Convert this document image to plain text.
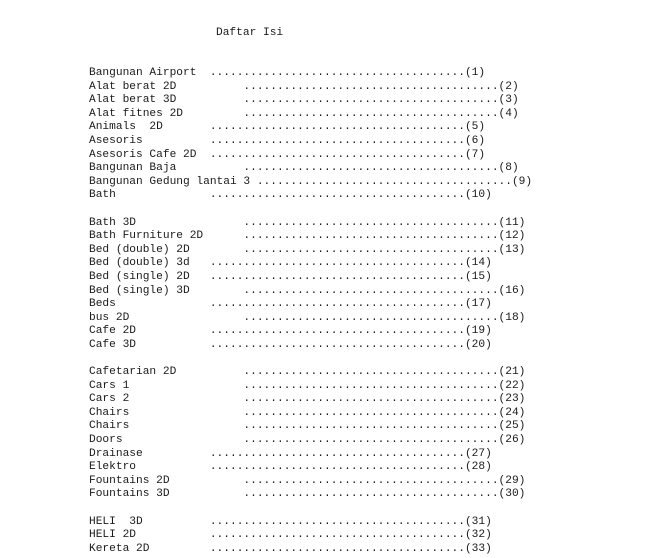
Daftar Isi
Bangunan Airport  ......................................(1)
Alat berat 2D          ......................................(2)
Alat berat 3D          ......................................(3)
Alat fitnes 2D         ......................................(4)
Animals  2D       ......................................(5)
Asesoris          ......................................(6)
Asesoris Cafe 2D  ......................................(7)
Bangunan Baja          ......................................(8)
Bangunan Gedung lantai 3 ......................................(9)
Bath              ......................................(10)
Bath 3D                ......................................(11)
Bath Furniture 2D      ......................................(12)
Bed (double) 2D        ......................................(13)
Bed (double) 3d   ......................................(14)
Bed (single) 2D   ......................................(15)
Bed (single) 3D        ......................................(16)
Beds              ......................................(17)
bus 2D                 ......................................(18)
Cafe 2D           ......................................(19)
Cafe 3D           ......................................(20)
Cafetarian 2D          ......................................(21)
Cars 1                 ......................................(22)
Cars 2                 ......................................(23)
Chairs                 ......................................(24)
Chairs                 ......................................(25)
Doors                  ......................................(26)
Drainase          ......................................(27)
Elektro           ......................................(28)
Fountains 2D           ......................................(29)
Fountains 3D           ......................................(30)
HELI  3D          ......................................(31)
HELI 2D           ......................................(32)
Kereta 2D         ......................................(33)
